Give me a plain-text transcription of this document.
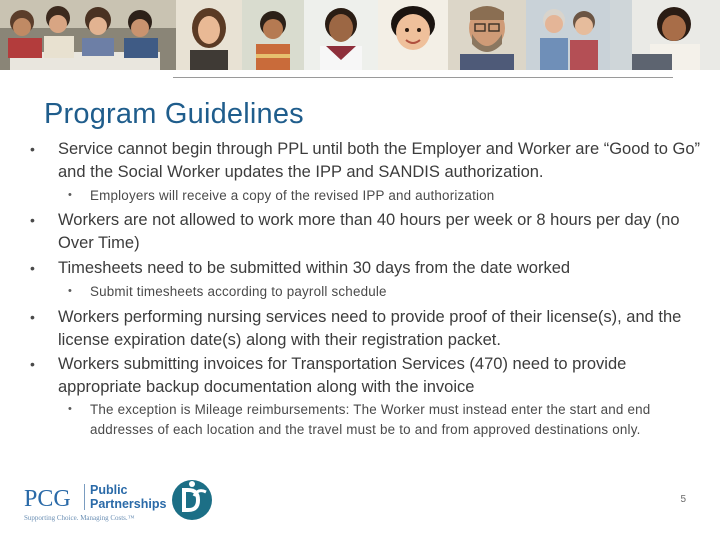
Program Guidelines
• Service cannot begin through PPL until both the Employer and Worker are “Good to Go” and the Social Worker updates the IPP and SANDIS authorization.
• Employers will receive a copy of the revised IPP and authorization
• Workers are not allowed to work more than 40 hours per week or 8 hours per day (no Over Time)
• Timesheets need to be submitted within 30 days from the date worked
• Submit timesheets according to payroll schedule
• Workers performing nursing services need to provide proof of their license(s), and the license expiration date(s) along with their registration packet.
• Workers submitting invoices for Transportation Services (470) need to provide appropriate backup documentation along with the invoice
• The exception is Mileage reimbursements: The Worker must instead enter the start and end addresses of each location and the travel must be to and from approved destinations only.
PCG Public
Partnerships
Supporting Choice. Managing Costs.™
5
